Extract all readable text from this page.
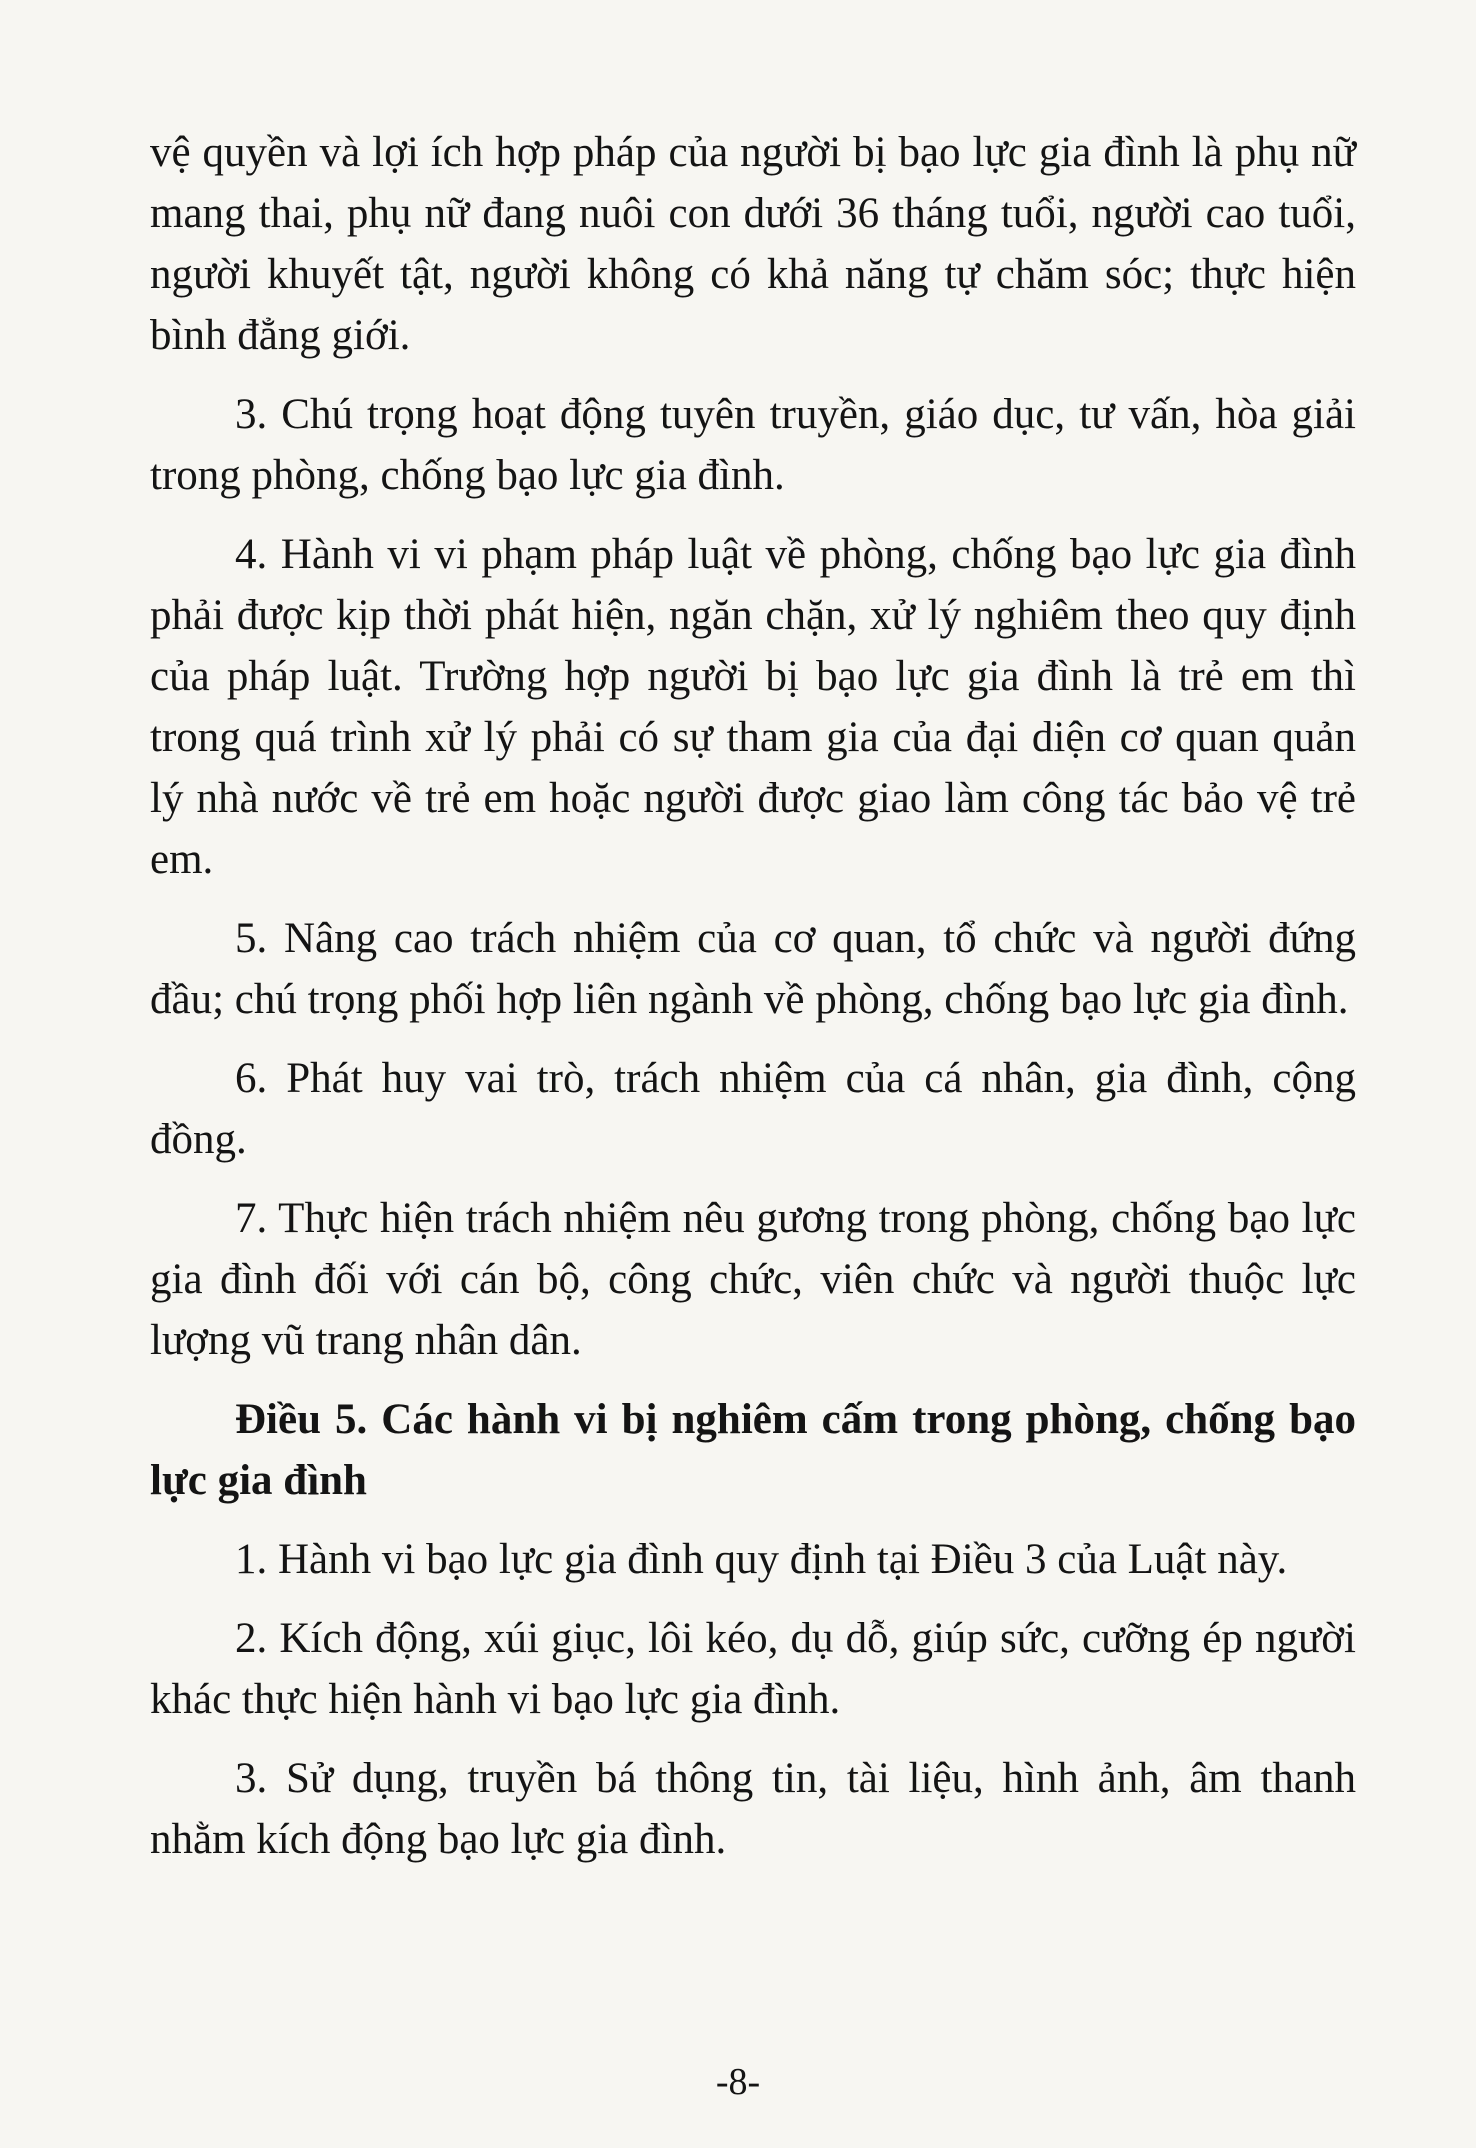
vệ quyền và lợi ích hợp pháp của người bị bạo lực gia đình là phụ nữ mang thai, phụ nữ đang nuôi con dưới 36 tháng tuổi, người cao tuổi, người khuyết tật, người không có khả năng tự chăm sóc; thực hiện bình đẳng giới.

3. Chú trọng hoạt động tuyên truyền, giáo dục, tư vấn, hòa giải trong phòng, chống bạo lực gia đình.

4. Hành vi vi phạm pháp luật về phòng, chống bạo lực gia đình phải được kịp thời phát hiện, ngăn chặn, xử lý nghiêm theo quy định của pháp luật. Trường hợp người bị bạo lực gia đình là trẻ em thì trong quá trình xử lý phải có sự tham gia của đại diện cơ quan quản lý nhà nước về trẻ em hoặc người được giao làm công tác bảo vệ trẻ em.

5. Nâng cao trách nhiệm của cơ quan, tổ chức và người đứng đầu; chú trọng phối hợp liên ngành về phòng, chống bạo lực gia đình.

6. Phát huy vai trò, trách nhiệm của cá nhân, gia đình, cộng đồng.

7. Thực hiện trách nhiệm nêu gương trong phòng, chống bạo lực gia đình đối với cán bộ, công chức, viên chức và người thuộc lực lượng vũ trang nhân dân.

Điều 5. Các hành vi bị nghiêm cấm trong phòng, chống bạo lực gia đình

1. Hành vi bạo lực gia đình quy định tại Điều 3 của Luật này.

2. Kích động, xúi giục, lôi kéo, dụ dỗ, giúp sức, cưỡng ép người khác thực hiện hành vi bạo lực gia đình.

3. Sử dụng, truyền bá thông tin, tài liệu, hình ảnh, âm thanh nhằm kích động bạo lực gia đình.

-8-
